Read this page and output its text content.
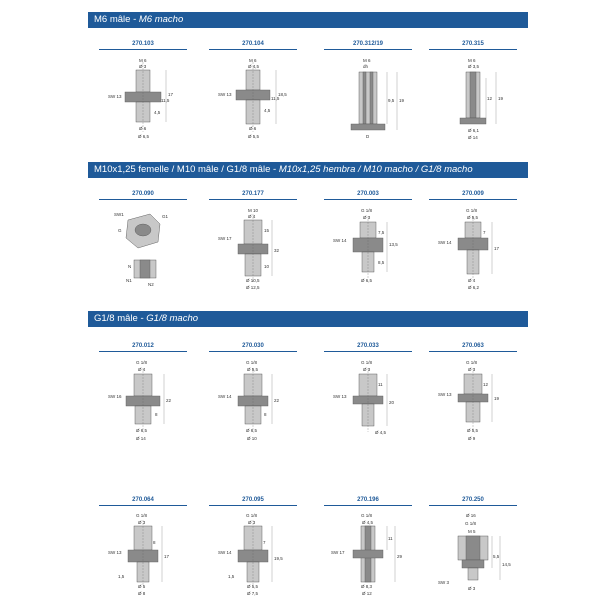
M6 mâle - M6 macho
M10x1,25 femelle / M10 mâle / G1/8 mâle - M10x1,25 hembra / M10 macho / G1/8 macho
G1/8 mâle - G1/8 macho
270.103
M 6
Ø 3
SW 13
4,5
11,5
17
Ø 6
Ø 6,5
270.104
M 6
Ø 4,5
SW 13
4,5
11,5
18,5
Ø 6
Ø 5,5
270.312/19
M 6
dh
9,5 19
D
270.315
M 6
Ø 3,5
12 19
Ø 6,1
Ø 14
270.090
SW1	G1
G
N
N1
N2
270.177
M 10
Ø 4
SW 17
15
32
10
Ø 10,5
Ø 12,5
270.003
G 1/8
Ø 3
SW 14
7,5
13,5
8,5
Ø 6,5
270.009
G 1/8
Ø 5,5
SW 14
7
17
Ø 4
Ø 6,2
270.012
G 1/8
Ø 4
SW 16
8
22
Ø 6,5
Ø 14
270.030
G 1/8
Ø 5,5
SW 14
8
22
Ø 6,5
Ø 10
270.033
G 1/8
Ø 3
SW 13
11
20
Ø 4,5
270.063
G 1/8
Ø 3
SW 13
12
19
Ø 5,5
Ø 9
270.064
G 1/8
Ø 3
SW 13
8
17
1,5
Ø 5
Ø 8
270.095
G 1/8
Ø 3
SW 14
7
19,5
1,5
Ø 5,5
Ø 7,5
270.196
G 1/8
Ø 4,5
SW 17
11
29
Ø 8,3
Ø 12
270.250
Ø 16
G 1/8
M 5
SW 3
5,5
14,5
Ø 3
